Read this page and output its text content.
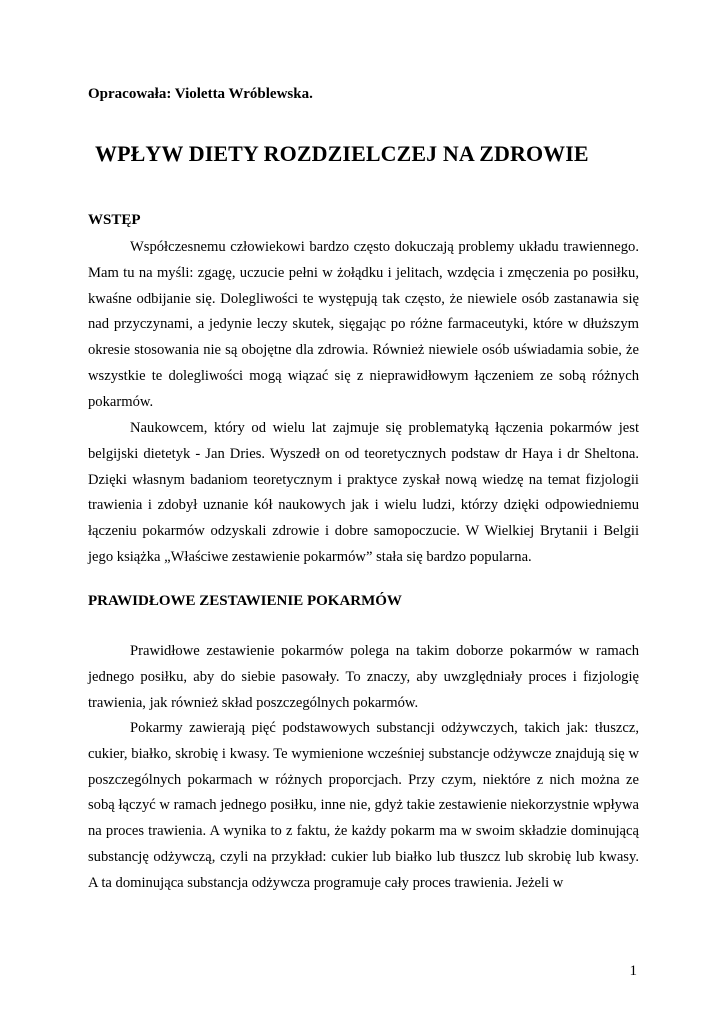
Opracowała: Violetta Wróblewska.
WPŁYW DIETY ROZDZIELCZEJ NA ZDROWIE
WSTĘP

Współczesnemu człowiekowi bardzo często dokuczają problemy układu trawiennego. Mam tu na myśli: zgagę, uczucie pełni w żołądku i jelitach, wzdęcia i zmęczenia po posiłku, kwaśne odbijanie się. Dolegliwości te występują tak często, że niewiele osób zastanawia się nad przyczynami, a jedynie leczy skutek, sięgając po różne farmaceutyki, które w dłuższym okresie stosowania nie są obojętne dla zdrowia. Również niewiele osób uświadamia sobie, że wszystkie te dolegliwości mogą wiązać się z nieprawidłowym łączeniem ze sobą różnych pokarmów.

Naukowcem, który od wielu lat zajmuje się problematyką łączenia pokarmów jest belgijski dietetyk - Jan Dries. Wyszedł on od teoretycznych podstaw dr Haya i dr Sheltona. Dzięki własnym badaniom teoretycznym i praktyce zyskał nową wiedzę na temat fizjologii trawienia i zdobył uznanie kół naukowych jak i wielu ludzi, którzy dzięki odpowiedniemu łączeniu pokarmów odzyskali zdrowie i dobre samopoczucie. W Wielkiej Brytanii i Belgii jego książka „Właściwe zestawienie pokarmów” stała się bardzo popularna.

PRAWIDŁOWE ZESTAWIENIE POKARMÓW

Prawidłowe zestawienie pokarmów polega na takim doborze pokarmów w ramach jednego posiłku, aby do siebie pasowały. To znaczy, aby uwzględniały proces i fizjologię trawienia, jak również skład poszczególnych pokarmów.

Pokarmy zawierają pięć podstawowych substancji odżywczych, takich jak: tłuszcz, cukier, białko, skrobię i kwasy. Te wymienione wcześniej substancje odżywcze znajdują się w poszczególnych pokarmach w różnych proporcjach. Przy czym, niektóre z nich można ze sobą łączyć w ramach jednego posiłku, inne nie, gdyż takie zestawienie niekorzystnie wpływa na proces trawienia. A wynika to z faktu, że każdy pokarm ma w swoim składzie dominującą substancję odżywczą, czyli na przykład: cukier lub białko lub tłuszcz lub skrobię lub kwasy. A ta dominująca substancja odżywcza programuje cały proces trawienia. Jeżeli w

1
